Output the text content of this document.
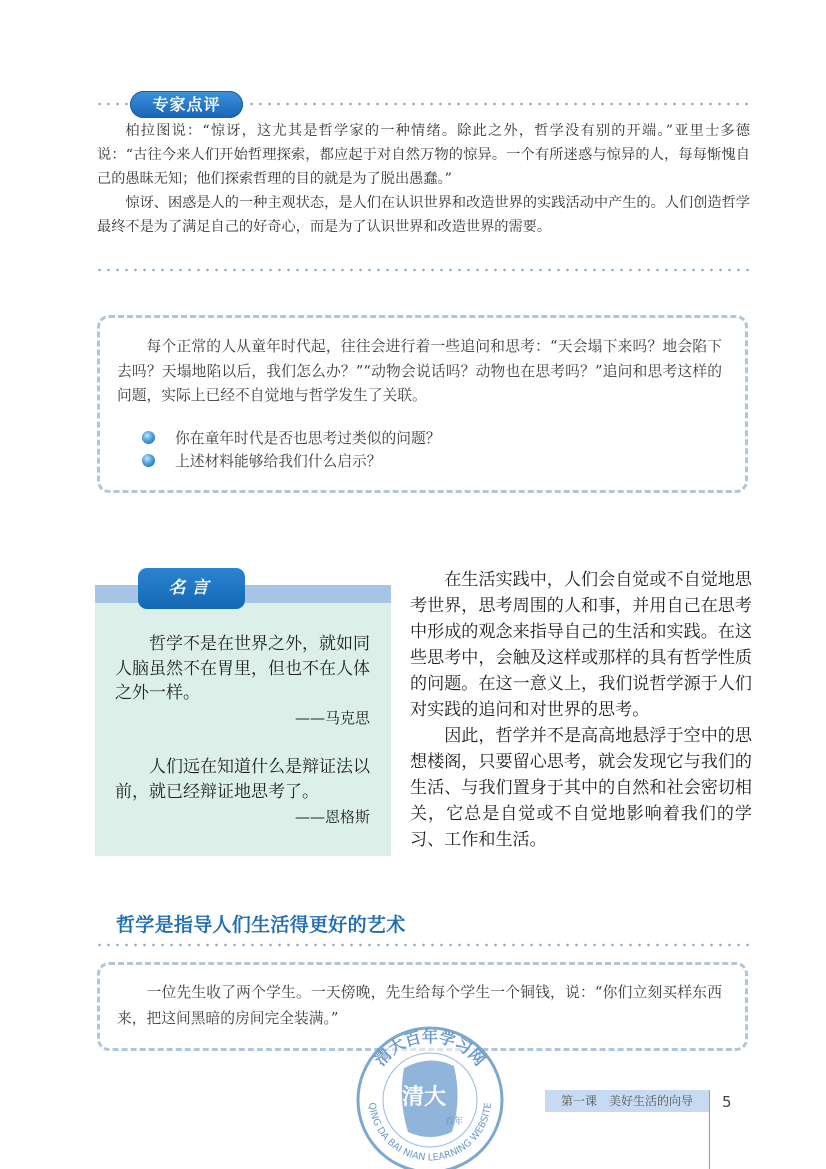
专家点评

柏拉图说：“惊讶，这尤其是哲学家的一种情绪。除此之外，哲学没有别的开端。”亚里士多德说：“古往今来人们开始哲理探索，都应起于对自然万物的惊异。一个有所迷惑与惊异的人，每每惭愧自己的愚昧无知；他们探索哲理的目的就是为了脱出愚蠢。”

惊讶、困惑是人的一种主观状态，是人们在认识世界和改造世界的实践活动中产生的。人们创造哲学最终不是为了满足自己的好奇心，而是为了认识世界和改造世界的需要。

每个正常的人从童年时代起，往往会进行着一些追问和思考：“天会塌下来吗？地会陷下去吗？天塌地陷以后，我们怎么办？”“动物会说话吗？动物也在思考吗？”追问和思考这样的问题，实际上已经不自觉地与哲学发生了关联。

你在童年时代是否也思考过类似的问题？
上述材料能够给我们什么启示？
名言

哲学不是在世界之外，就如同人脑虽然不在胃里，但也不在人体之外一样。

——马克思

人们远在知道什么是辩证法以前，就已经辩证地思考了。

——恩格斯

在生活实践中，人们会自觉或不自觉地思考世界，思考周围的人和事，并用自己在思考中形成的观念来指导自己的生活和实践。在这些思考中，会触及这样或那样的具有哲学性质的问题。在这一意义上，我们说哲学源于人们对实践的追问和对世界的思考。

因此，哲学并不是高高地悬浮于空中的思想楼阁，只要留心思考，就会发现它与我们的生活、与我们置身于其中的自然和社会密切相关，它总是自觉或不自觉地影响着我们的学习、工作和生活。

哲学是指导人们生活得更好的艺术

一位先生收了两个学生。一天傍晚，先生给每个学生一个铜钱，说：“你们立刻买样东西来，把这间黑暗的房间完全装满。”

清大百年学习网
QING DA BAI NIAN LEARNING WEBSITE
清大
百年
第一课　美好生活的向导	5
